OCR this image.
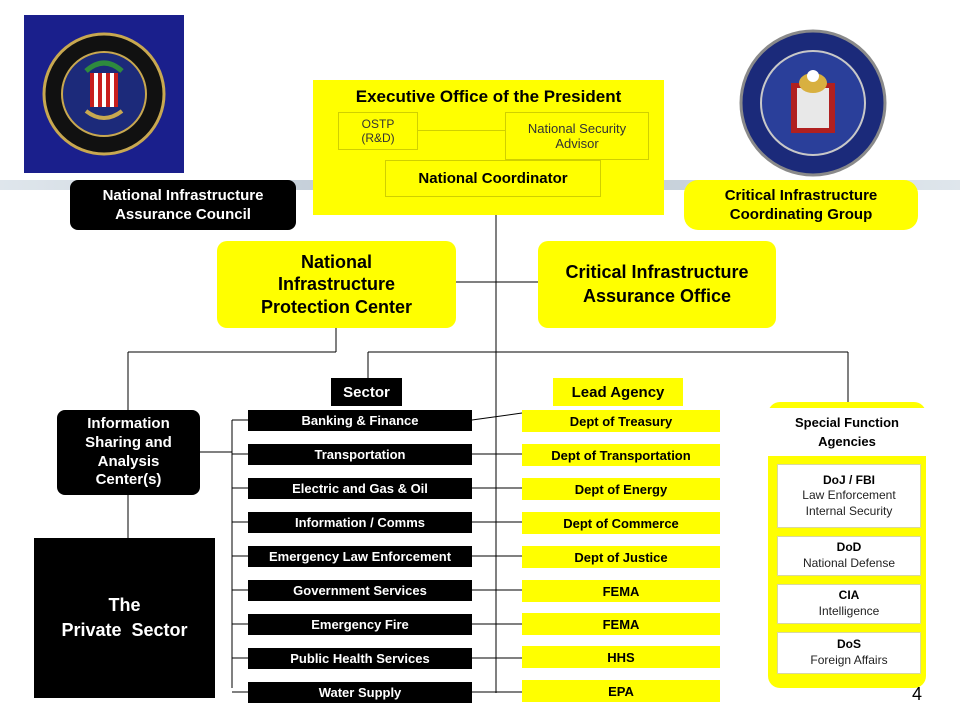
Executive Office of the President
OSTP
(R&D)
National Security
Advisor
National Coordinator
National Infrastructure
Assurance Council
Critical Infrastructure
Coordinating Group
National
Infrastructure
Protection Center
Critical Infrastructure
Assurance Office
Information
Sharing and
Analysis
Center(s)
The
Private  Sector
Sector	Lead Agency
Banking & Finance
Transportation
Electric and Gas & Oil
Information / Comms
Emergency Law Enforcement
Government Services
Emergency Fire
Public Health Services
Water Supply
Dept of Treasury
Dept of Transportation
Dept of Energy
Dept of Commerce
Dept of Justice
FEMA
FEMA
HHS
EPA
Special Function
Agencies
DoJ / FBI
Law Enforcement
Internal Security
DoD
National Defense
CIA
Intelligence
DoS
Foreign Affairs
4
